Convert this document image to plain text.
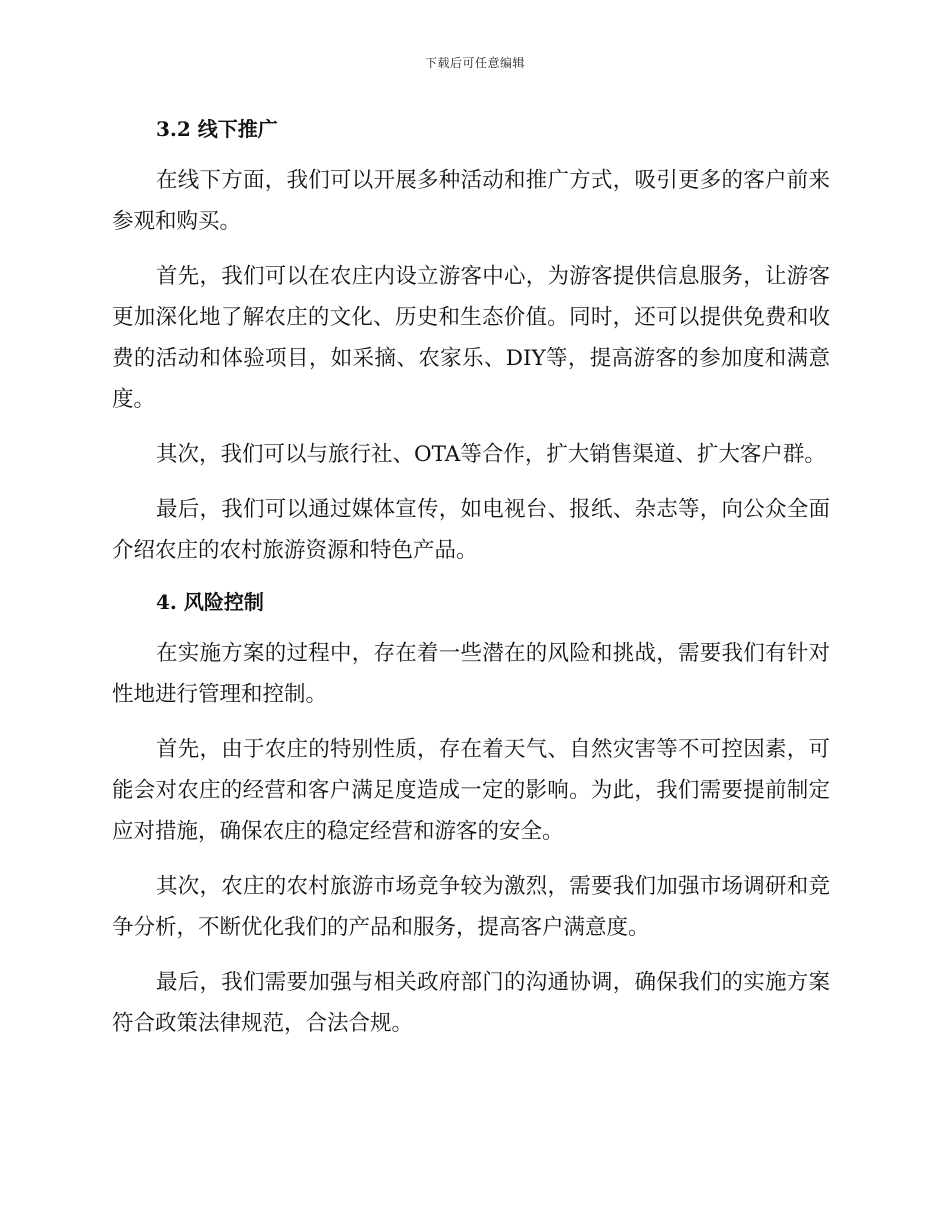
下载后可任意编辑
3.2 线下推广

在线下方面，我们可以开展多种活动和推广方式，吸引更多的客户前来参观和购买。

首先，我们可以在农庄内设立游客中心，为游客提供信息服务，让游客更加深化地了解农庄的文化、历史和生态价值。同时，还可以提供免费和收费的活动和体验项目，如采摘、农家乐、DIY等，提高游客的参加度和满意度。

其次，我们可以与旅行社、OTA等合作，扩大销售渠道、扩大客户群。

最后，我们可以通过媒体宣传，如电视台、报纸、杂志等，向公众全面介绍农庄的农村旅游资源和特色产品。

4. 风险控制

在实施方案的过程中，存在着一些潜在的风险和挑战，需要我们有针对性地进行管理和控制。

首先，由于农庄的特别性质，存在着天气、自然灾害等不可控因素，可能会对农庄的经营和客户满足度造成一定的影响。为此，我们需要提前制定应对措施，确保农庄的稳定经营和游客的安全。

其次，农庄的农村旅游市场竞争较为激烈，需要我们加强市场调研和竞争分析，不断优化我们的产品和服务，提高客户满意度。

最后，我们需要加强与相关政府部门的沟通协调，确保我们的实施方案符合政策法律规范，合法合规。
